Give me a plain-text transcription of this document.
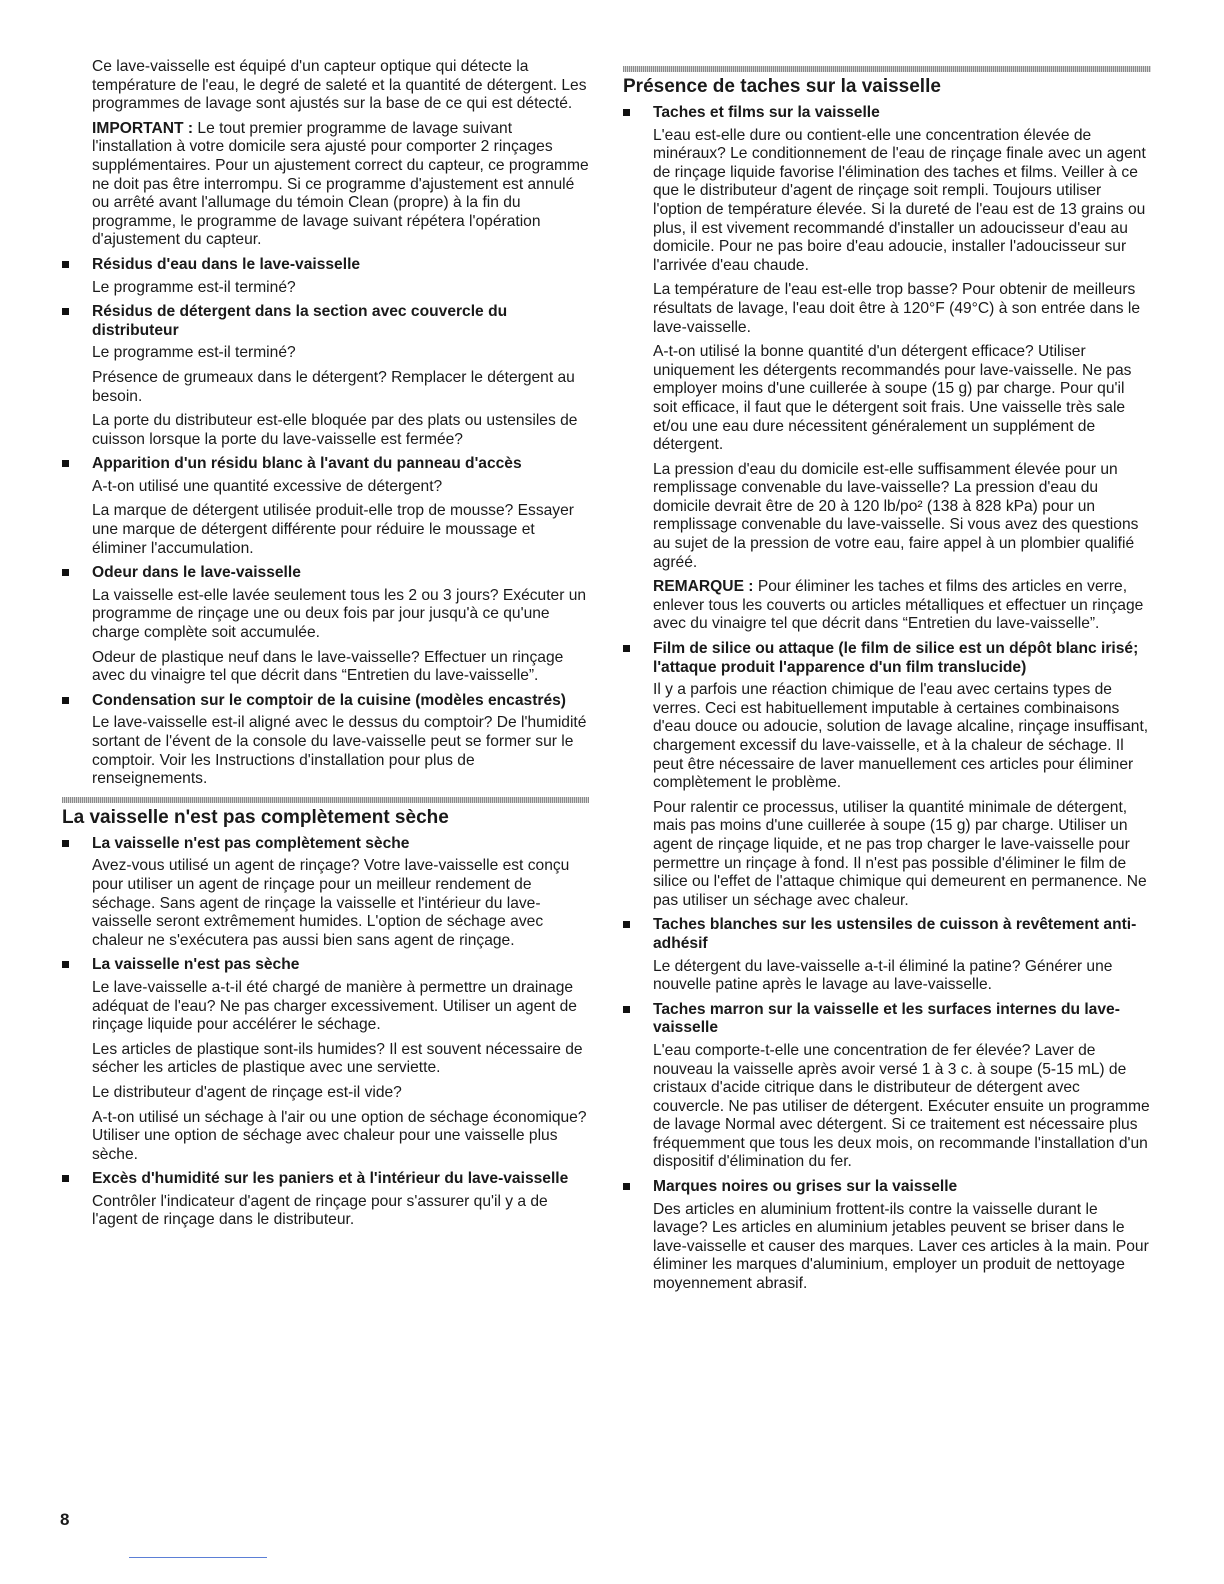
Ce lave-vaisselle est équipé d'un capteur optique qui détecte la température de l'eau, le degré de saleté et la quantité de détergent. Les programmes de lavage sont ajustés sur la base de ce qui est détecté.

IMPORTANT : Le tout premier programme de lavage suivant l'installation à votre domicile sera ajusté pour comporter 2 rinçages supplémentaires. Pour un ajustement correct du capteur, ce programme ne doit pas être interrompu. Si ce programme d'ajustement est annulé ou arrêté avant l'allumage du témoin Clean (propre) à la fin du programme, le programme de lavage suivant répétera l'opération d'ajustement du capteur.

Résidus d'eau dans le lave-vaisselle

Le programme est-il terminé?

Résidus de détergent dans la section avec couvercle du distributeur

Le programme est-il terminé?

Présence de grumeaux dans le détergent? Remplacer le détergent au besoin.

La porte du distributeur est-elle bloquée par des plats ou ustensiles de cuisson lorsque la porte du lave-vaisselle est fermée?

Apparition d'un résidu blanc à l'avant du panneau d'accès

A-t-on utilisé une quantité excessive de détergent?

La marque de détergent utilisée produit-elle trop de mousse? Essayer une marque de détergent différente pour réduire le moussage et éliminer l'accumulation.

Odeur dans le lave-vaisselle

La vaisselle est-elle lavée seulement tous les 2 ou 3 jours? Exécuter un programme de rinçage une ou deux fois par jour jusqu'à ce qu'une charge complète soit accumulée.

Odeur de plastique neuf dans le lave-vaisselle? Effectuer un rinçage avec du vinaigre tel que décrit dans “Entretien du lave-vaisselle”.

Condensation sur le comptoir de la cuisine (modèles encastrés)

Le lave-vaisselle est-il aligné avec le dessus du comptoir? De l'humidité sortant de l'évent de la console du lave-vaisselle peut se former sur le comptoir. Voir les Instructions d'installation pour plus de renseignements.

La vaisselle n'est pas complètement sèche
La vaisselle n'est pas complètement sèche

Avez-vous utilisé un agent de rinçage? Votre lave-vaisselle est conçu pour utiliser un agent de rinçage pour un meilleur rendement de séchage. Sans agent de rinçage la vaisselle et l'intérieur du lave-vaisselle seront extrêmement humides. L'option de séchage avec chaleur ne s'exécutera pas aussi bien sans agent de rinçage.

La vaisselle n'est pas sèche

Le lave-vaisselle a-t-il été chargé de manière à permettre un drainage adéquat de l'eau? Ne pas charger excessivement. Utiliser un agent de rinçage liquide pour accélérer le séchage.

Les articles de plastique sont-ils humides? Il est souvent nécessaire de sécher les articles de plastique avec une serviette.

Le distributeur d'agent de rinçage est-il vide?

A-t-on utilisé un séchage à l'air ou une option de séchage économique? Utiliser une option de séchage avec chaleur pour une vaisselle plus sèche.

Excès d'humidité sur les paniers et à l'intérieur du lave-vaisselle

Contrôler l'indicateur d'agent de rinçage pour s'assurer qu'il y a de l'agent de rinçage dans le distributeur.

Présence de taches sur la vaisselle
Taches et films sur la vaisselle

L'eau est-elle dure ou contient-elle une concentration élevée de minéraux? Le conditionnement de l'eau de rinçage finale avec un agent de rinçage liquide favorise l'élimination des taches et films. Veiller à ce que le distributeur d'agent de rinçage soit rempli. Toujours utiliser l'option de température élevée. Si la dureté de l'eau est de 13 grains ou plus, il est vivement recommandé d'installer un adoucisseur d'eau au domicile. Pour ne pas boire d'eau adoucie, installer l'adoucisseur sur l'arrivée d'eau chaude.

La température de l'eau est-elle trop basse? Pour obtenir de meilleurs résultats de lavage, l'eau doit être à 120°F (49°C) à son entrée dans le lave-vaisselle.

A-t-on utilisé la bonne quantité d'un détergent efficace? Utiliser uniquement les détergents recommandés pour lave-vaisselle. Ne pas employer moins d'une cuillerée à soupe (15 g) par charge. Pour qu'il soit efficace, il faut que le détergent soit frais. Une vaisselle très sale et/ou une eau dure nécessitent généralement un supplément de détergent.

La pression d'eau du domicile est-elle suffisamment élevée pour un remplissage convenable du lave-vaisselle? La pression d'eau du domicile devrait être de 20 à 120 lb/po² (138 à 828 kPa) pour un remplissage convenable du lave-vaisselle. Si vous avez des questions au sujet de la pression de votre eau, faire appel à un plombier qualifié agréé.

REMARQUE : Pour éliminer les taches et films des articles en verre, enlever tous les couverts ou articles métalliques et effectuer un rinçage avec du vinaigre tel que décrit dans “Entretien du lave-vaisselle”.

Film de silice ou attaque (le film de silice est un dépôt blanc irisé; l'attaque produit l'apparence d'un film translucide)

Il y a parfois une réaction chimique de l'eau avec certains types de verres. Ceci est habituellement imputable à certaines combinaisons d'eau douce ou adoucie, solution de lavage alcaline, rinçage insuffisant, chargement excessif du lave-vaisselle, et à la chaleur de séchage. Il peut être nécessaire de laver manuellement ces articles pour éliminer complètement le problème.

Pour ralentir ce processus, utiliser la quantité minimale de détergent, mais pas moins d'une cuillerée à soupe (15 g) par charge. Utiliser un agent de rinçage liquide, et ne pas trop charger le lave-vaisselle pour permettre un rinçage à fond. Il n'est pas possible d'éliminer le film de silice ou l'effet de l'attaque chimique qui demeurent en permanence. Ne pas utiliser un séchage avec chaleur.

Taches blanches sur les ustensiles de cuisson à revêtement anti-adhésif

Le détergent du lave-vaisselle a-t-il éliminé la patine? Générer une nouvelle patine après le lavage au lave-vaisselle.

Taches marron sur la vaisselle et les surfaces internes du lave-vaisselle

L'eau comporte-t-elle une concentration de fer élevée? Laver de nouveau la vaisselle après avoir versé 1 à 3 c. à soupe (5-15 mL) de cristaux d'acide citrique dans le distributeur de détergent avec couvercle. Ne pas utiliser de détergent. Exécuter ensuite un programme de lavage Normal avec détergent. Si ce traitement est nécessaire plus fréquemment que tous les deux mois, on recommande l'installation d'un dispositif d'élimination du fer.

Marques noires ou grises sur la vaisselle

Des articles en aluminium frottent-ils contre la vaisselle durant le lavage? Les articles en aluminium jetables peuvent se briser dans le lave-vaisselle et causer des marques. Laver ces articles à la main. Pour éliminer les marques d'aluminium, employer un produit de nettoyage moyennement abrasif.

8
